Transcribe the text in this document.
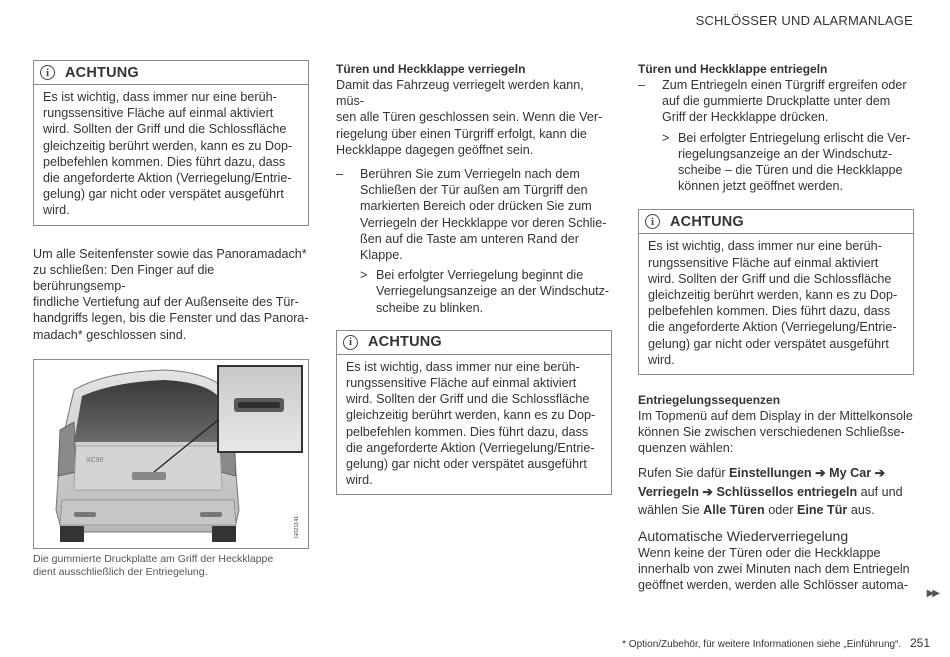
SCHLÖSSER UND ALARMANLAGE
i	ACHTUNG
Es ist wichtig, dass immer nur eine berüh-
rungssensitive Fläche auf einmal aktiviert
wird. Sollten der Griff und die Schlossfläche
gleichzeitig berührt werden, kann es zu Dop-
pelbefehlen kommen. Dies führt dazu, dass
die angeforderte Aktion (Verriegelung/Entrie-
gelung) gar nicht oder verspätet ausgeführt
wird.

Um alle Seitenfenster sowie das Panoramadach*

zu schließen: Den Finger auf die berührungsemp-

findliche Vertiefung auf der Außenseite des Tür-

handgriffs legen, bis die Fenster und das Panora-

madach* geschlossen sind.

XC90
G021141
Die gummierte Druckplatte am Griff der Heckklappe
dient ausschließlich der Entriegelung.
Türen und Heckklappe verriegeln

Damit das Fahrzeug verriegelt werden kann, müs-

sen alle Türen geschlossen sein. Wenn die Ver-

riegelung über einen Türgriff erfolgt, kann die

Heckklappe dagegen geöffnet sein.

–	Berühren Sie zum Verriegeln nach dem
Schließen der Tür außen am Türgriff den
markierten Bereich oder drücken Sie zum
Verriegeln der Heckklappe vor deren Schlie-
ßen auf die Taste am unteren Rand der
Klappe.
> Bei erfolgter Verriegelung beginnt die
Verriegelungsanzeige an der Windschutz-
scheibe zu blinken.
i	ACHTUNG
Es ist wichtig, dass immer nur eine berüh-
rungssensitive Fläche auf einmal aktiviert
wird. Sollten der Griff und die Schlossfläche
gleichzeitig berührt werden, kann es zu Dop-
pelbefehlen kommen. Dies führt dazu, dass
die angeforderte Aktion (Verriegelung/Entrie-
gelung) gar nicht oder verspätet ausgeführt
wird.
Türen und Heckklappe entriegeln
–	Zum Entriegeln einen Türgriff ergreifen oder
auf die gummierte Druckplatte unter dem
Griff der Heckklappe drücken.
> Bei erfolgter Entriegelung erlischt die Ver-
riegelungsanzeige an der Windschutz-
scheibe – die Türen und die Heckklappe
können jetzt geöffnet werden.
i	ACHTUNG
Es ist wichtig, dass immer nur eine berüh-
rungssensitive Fläche auf einmal aktiviert
wird. Sollten der Griff und die Schlossfläche
gleichzeitig berührt werden, kann es zu Dop-
pelbefehlen kommen. Dies führt dazu, dass
die angeforderte Aktion (Verriegelung/Entrie-
gelung) gar nicht oder verspätet ausgeführt
wird.
Entriegelungssequenzen

Im Topmenü auf dem Display in der Mittelkonsole

können Sie zwischen verschiedenen Schließse-

quenzen wählen:

Rufen Sie dafür Einstellungen ➔ My Car ➔
Verriegeln ➔ Schlüssellos entriegeln auf und
wählen Sie Alle Türen oder Eine Tür aus.
Automatische Wiederverriegelung

Wenn keine der Türen oder die Heckklappe

innerhalb von zwei Minuten nach dem Entriegeln

geöffnet werden, werden alle Schlösser automa-

▶▶
* Option/Zubehör, für weitere Informationen siehe „Einführung“. 251
